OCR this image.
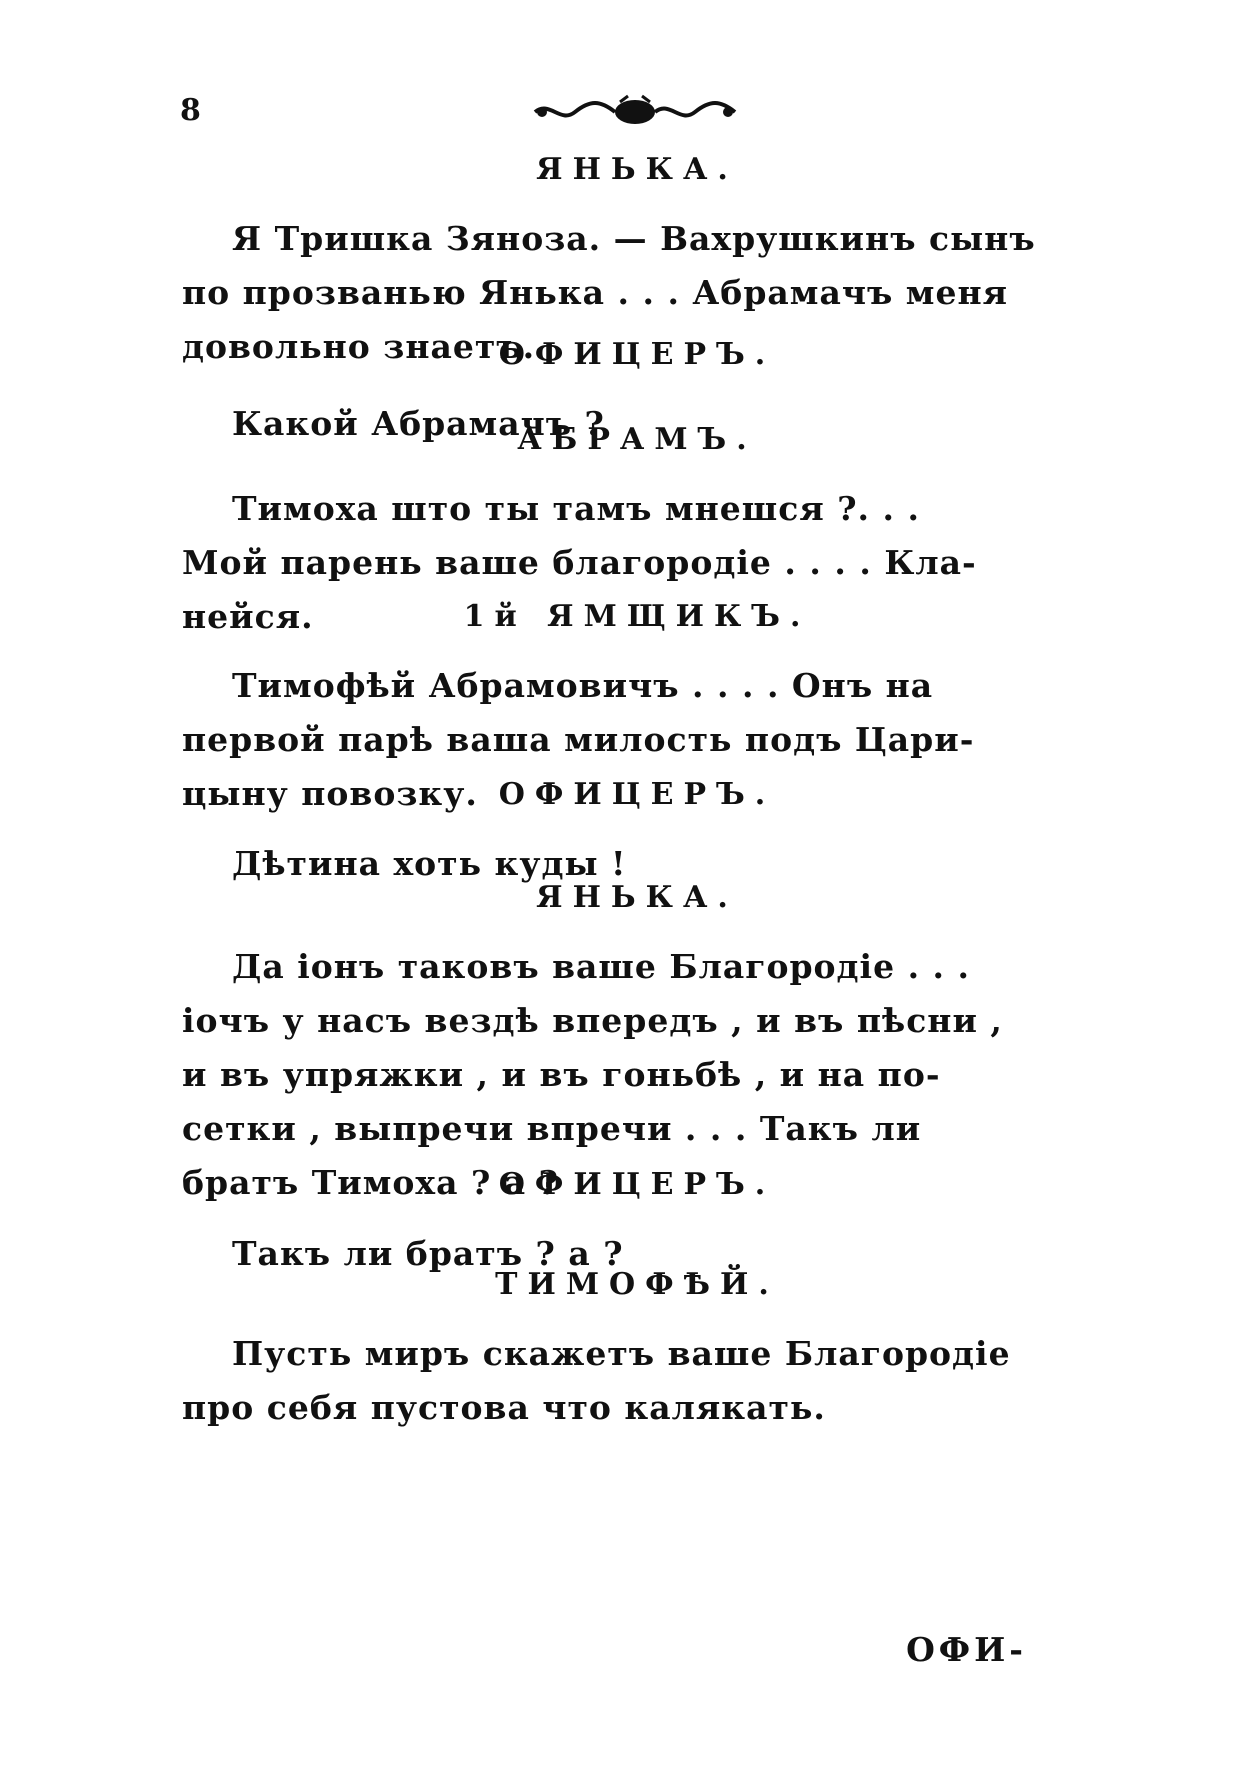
8
ЯНЬКА.
Я Тришка Зяноза. — Вахрушкинъ сынъ
по прозванью Янька . . . Абрамачъ меня
довольно знаетъ.
ОФИЦЕРЪ.
Какой Абрамачъ ?
АБРАМЪ.
Тимоха што ты тамъ мнешся ?. . .
Мой парень ваше благородіе . . . . Кла-
нейся.	1й ЯМЩИКЪ.
Тимофѣй Абрамовичъ . . . . Онъ на
первой парѣ ваша милость подъ Цари-
цыну повозку. ОФИЦЕРЪ.
Дѣтина хоть куды !
ЯНЬКА.
Да іонъ таковъ ваше Благородіе . . .
іочъ у насъ вездѣ впередъ , и въ пѣсни ,
и въ упряжки , и въ гоньбѣ , и на по-
сетки , выпречи впречи . . . Такъ ли
братъ Тимоха ? а ?
ОФИЦЕРЪ.
Такъ ли братъ ? а ?
ТИМОФѢЙ.
Пусть миръ скажетъ ваше Благородіе
про себя пустова что калякать.
ОФИ-
